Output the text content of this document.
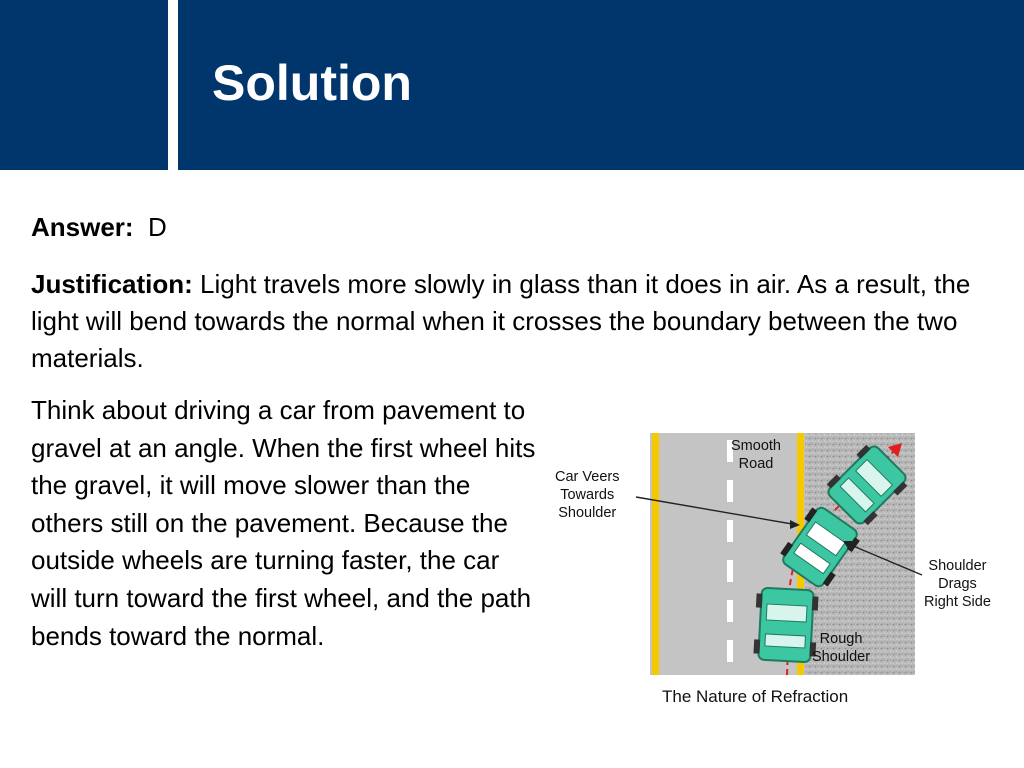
Solution
Answer: D
Justification: Light travels more slowly in glass than it does in air. As a result, the light will bend towards the normal when it crosses the boundary between the two materials.
Think about driving a car from pavement to gravel at an angle. When the first wheel hits the gravel, it will move slower than the others still on the pavement. Because the outside wheels are turning faster, the car will turn toward the first wheel, and the path bends toward the normal.
Smooth
Road
Car Veers
Towards
Shoulder
Shoulder
Drags
Right Side
Rough
Shoulder
The Nature of Refraction
